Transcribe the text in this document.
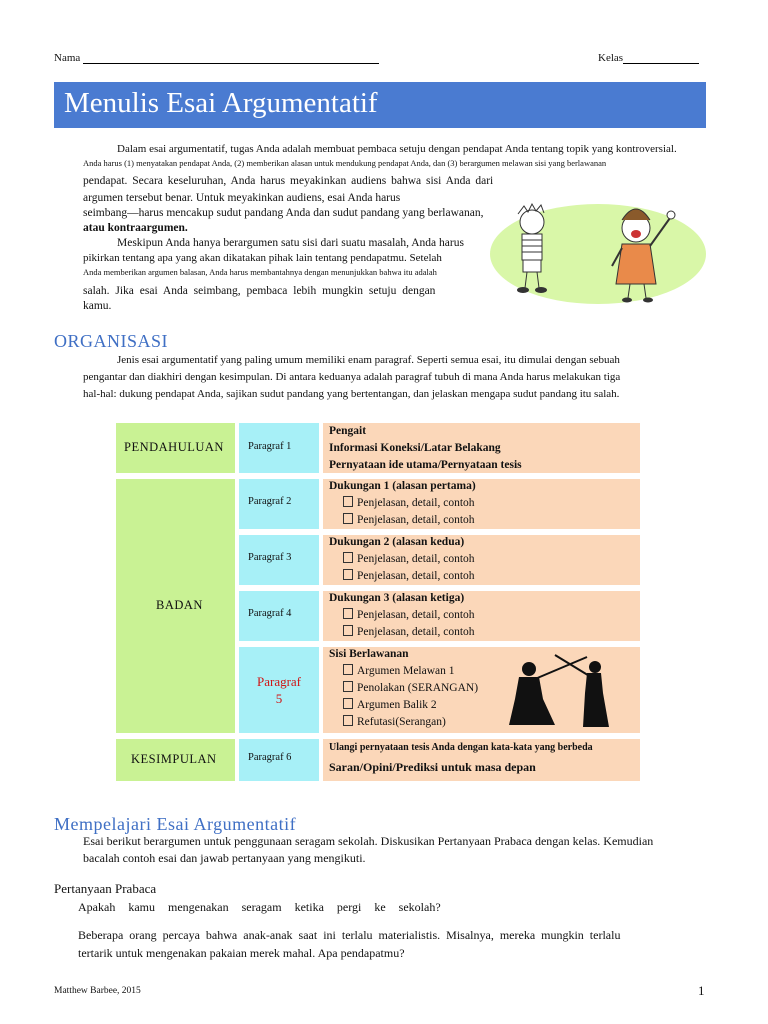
Nama	Kelas
Menulis Esai Argumentatif
Dalam esai argumentatif, tugas Anda adalah membuat pembaca setuju dengan pendapat Anda tentang topik yang kontroversial.
Anda harus (1) menyatakan pendapat Anda, (2) memberikan alasan untuk mendukung pendapat Anda, dan (3) berargumen melawan sisi yang berlawanan
pendapat. Secara keseluruhan, Anda harus meyakinkan audiens bahwa sisi Anda dari
argumen tersebut benar. Untuk meyakinkan audiens, esai Anda harus
seimbang—harus mencakup sudut pandang Anda dan sudut pandang yang berlawanan,
atau kontraargumen.
Meskipun Anda hanya berargumen satu sisi dari suatu masalah, Anda harus
pikirkan tentang apa yang akan dikatakan pihak lain tentang pendapatmu. Setelah
Anda memberikan argumen balasan, Anda harus membantahnya dengan menunjukkan bahwa itu adalah
salah. Jika esai Anda seimbang, pembaca lebih mungkin setuju dengan
kamu.
ORGANISASI
Jenis esai argumentatif yang paling umum memiliki enam paragraf. Seperti semua esai, itu dimulai dengan sebuah
pengantar dan diakhiri dengan kesimpulan. Di antara keduanya adalah paragraf tubuh di mana Anda harus melakukan tiga
hal-hal: dukung pendapat Anda, sajikan sudut pandang yang bertentangan, dan jelaskan mengapa sudut pandang itu salah.
PENDAHULUAN
BADAN
KESIMPULAN
Paragraf 1
Paragraf 2
Paragraf 3
Paragraf 4
Paragraf
5
Paragraf 6
Pengait
Informasi Koneksi/Latar Belakang
Pernyataan ide utama/Pernyataan tesis
Dukungan 1 (alasan pertama)
Penjelasan, detail, contoh
Penjelasan, detail, contoh
Dukungan 2 (alasan kedua)
Penjelasan, detail, contoh
Penjelasan, detail, contoh
Dukungan 3 (alasan ketiga)
Penjelasan, detail, contoh
Penjelasan, detail, contoh
Sisi Berlawanan
Argumen Melawan 1
Penolakan (SERANGAN)
Argumen Balik 2
Refutasi(Serangan)
Ulangi pernyataan tesis Anda dengan kata-kata yang berbeda
Saran/Opini/Prediksi untuk masa depan
Mempelajari Esai Argumentatif
Esai berikut berargumen untuk penggunaan seragam sekolah. Diskusikan Pertanyaan Prabaca dengan kelas. Kemudian
bacalah contoh esai dan jawab pertanyaan yang mengikuti.
Pertanyaan Prabaca
Apakah kamu mengenakan seragam ketika pergi ke sekolah?
Beberapa orang percaya bahwa anak-anak saat ini terlalu materialistis. Misalnya, mereka mungkin terlalu
tertarik untuk mengenakan pakaian merek mahal. Apa pendapatmu?
Matthew Barbee, 2015	1
